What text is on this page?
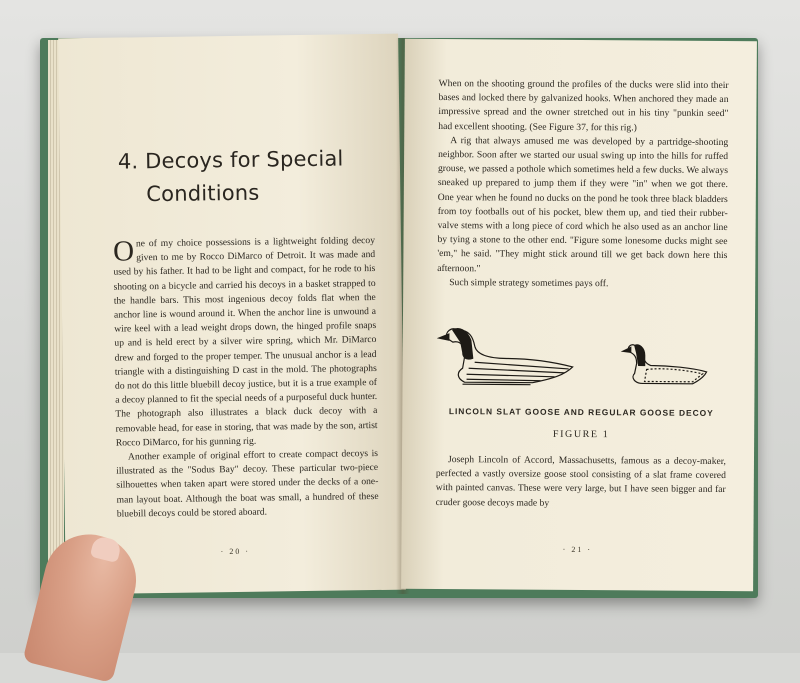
4. Decoys for Special
Conditions

One of my choice possessions is a lightweight folding decoy given to me by Rocco DiMarco of Detroit. It was made and used by his father. It had to be light and compact, for he rode to his shooting on a bicycle and carried his decoys in a basket strapped to the handle bars. This most ingenious decoy folds flat when the anchor line is wound around it. When the anchor line is unwound a wire keel with a lead weight drops down, the hinged profile snaps up and is held erect by a silver wire spring, which Mr. DiMarco drew and forged to the proper temper. The unusual anchor is a lead triangle with a distinguishing D cast in the mold. The photographs do not do this little bluebill decoy justice, but it is a true example of a decoy planned to fit the special needs of a purposeful duck hunter. The photograph also illustrates a black duck decoy with a removable head, for ease in storing, that was made by the son, artist Rocco DiMarco, for his gunning rig.

Another example of original effort to create compact decoys is illustrated as the "Sodus Bay" decoy. These particular two-piece silhouettes when taken apart were stored under the decks of a one-man layout boat. Although the boat was small, a hundred of these bluebill decoys could be stored aboard.

· 20 ·

When on the shooting ground the profiles of the ducks were slid into their bases and locked there by galvanized hooks. When anchored they made an impressive spread and the owner stretched out in his tiny "punkin seed" had excellent shooting. (See Figure 37, for this rig.)

A rig that always amused me was developed by a partridge-shooting neighbor. Soon after we started our usual swing up into the hills for ruffed grouse, we passed a pothole which sometimes held a few ducks. We always sneaked up prepared to jump them if they were "in" when we got there. One year when he found no ducks on the pond he took three black bladders from toy footballs out of his pocket, blew them up, and tied their rubber-valve stems with a long piece of cord which he also used as an anchor line by tying a stone to the other end. "Figure some lonesome ducks might see 'em," he said. "They might stick around till we get back down here this afternoon."

Such simple strategy sometimes pays off.

LINCOLN SLAT GOOSE AND REGULAR GOOSE DECOY
FIGURE 1

Joseph Lincoln of Accord, Massachusetts, famous as a decoy-maker, perfected a vastly oversize goose stool consisting of a slat frame covered with painted canvas. These were very large, but I have seen bigger and far cruder goose decoys made by

· 21 ·
